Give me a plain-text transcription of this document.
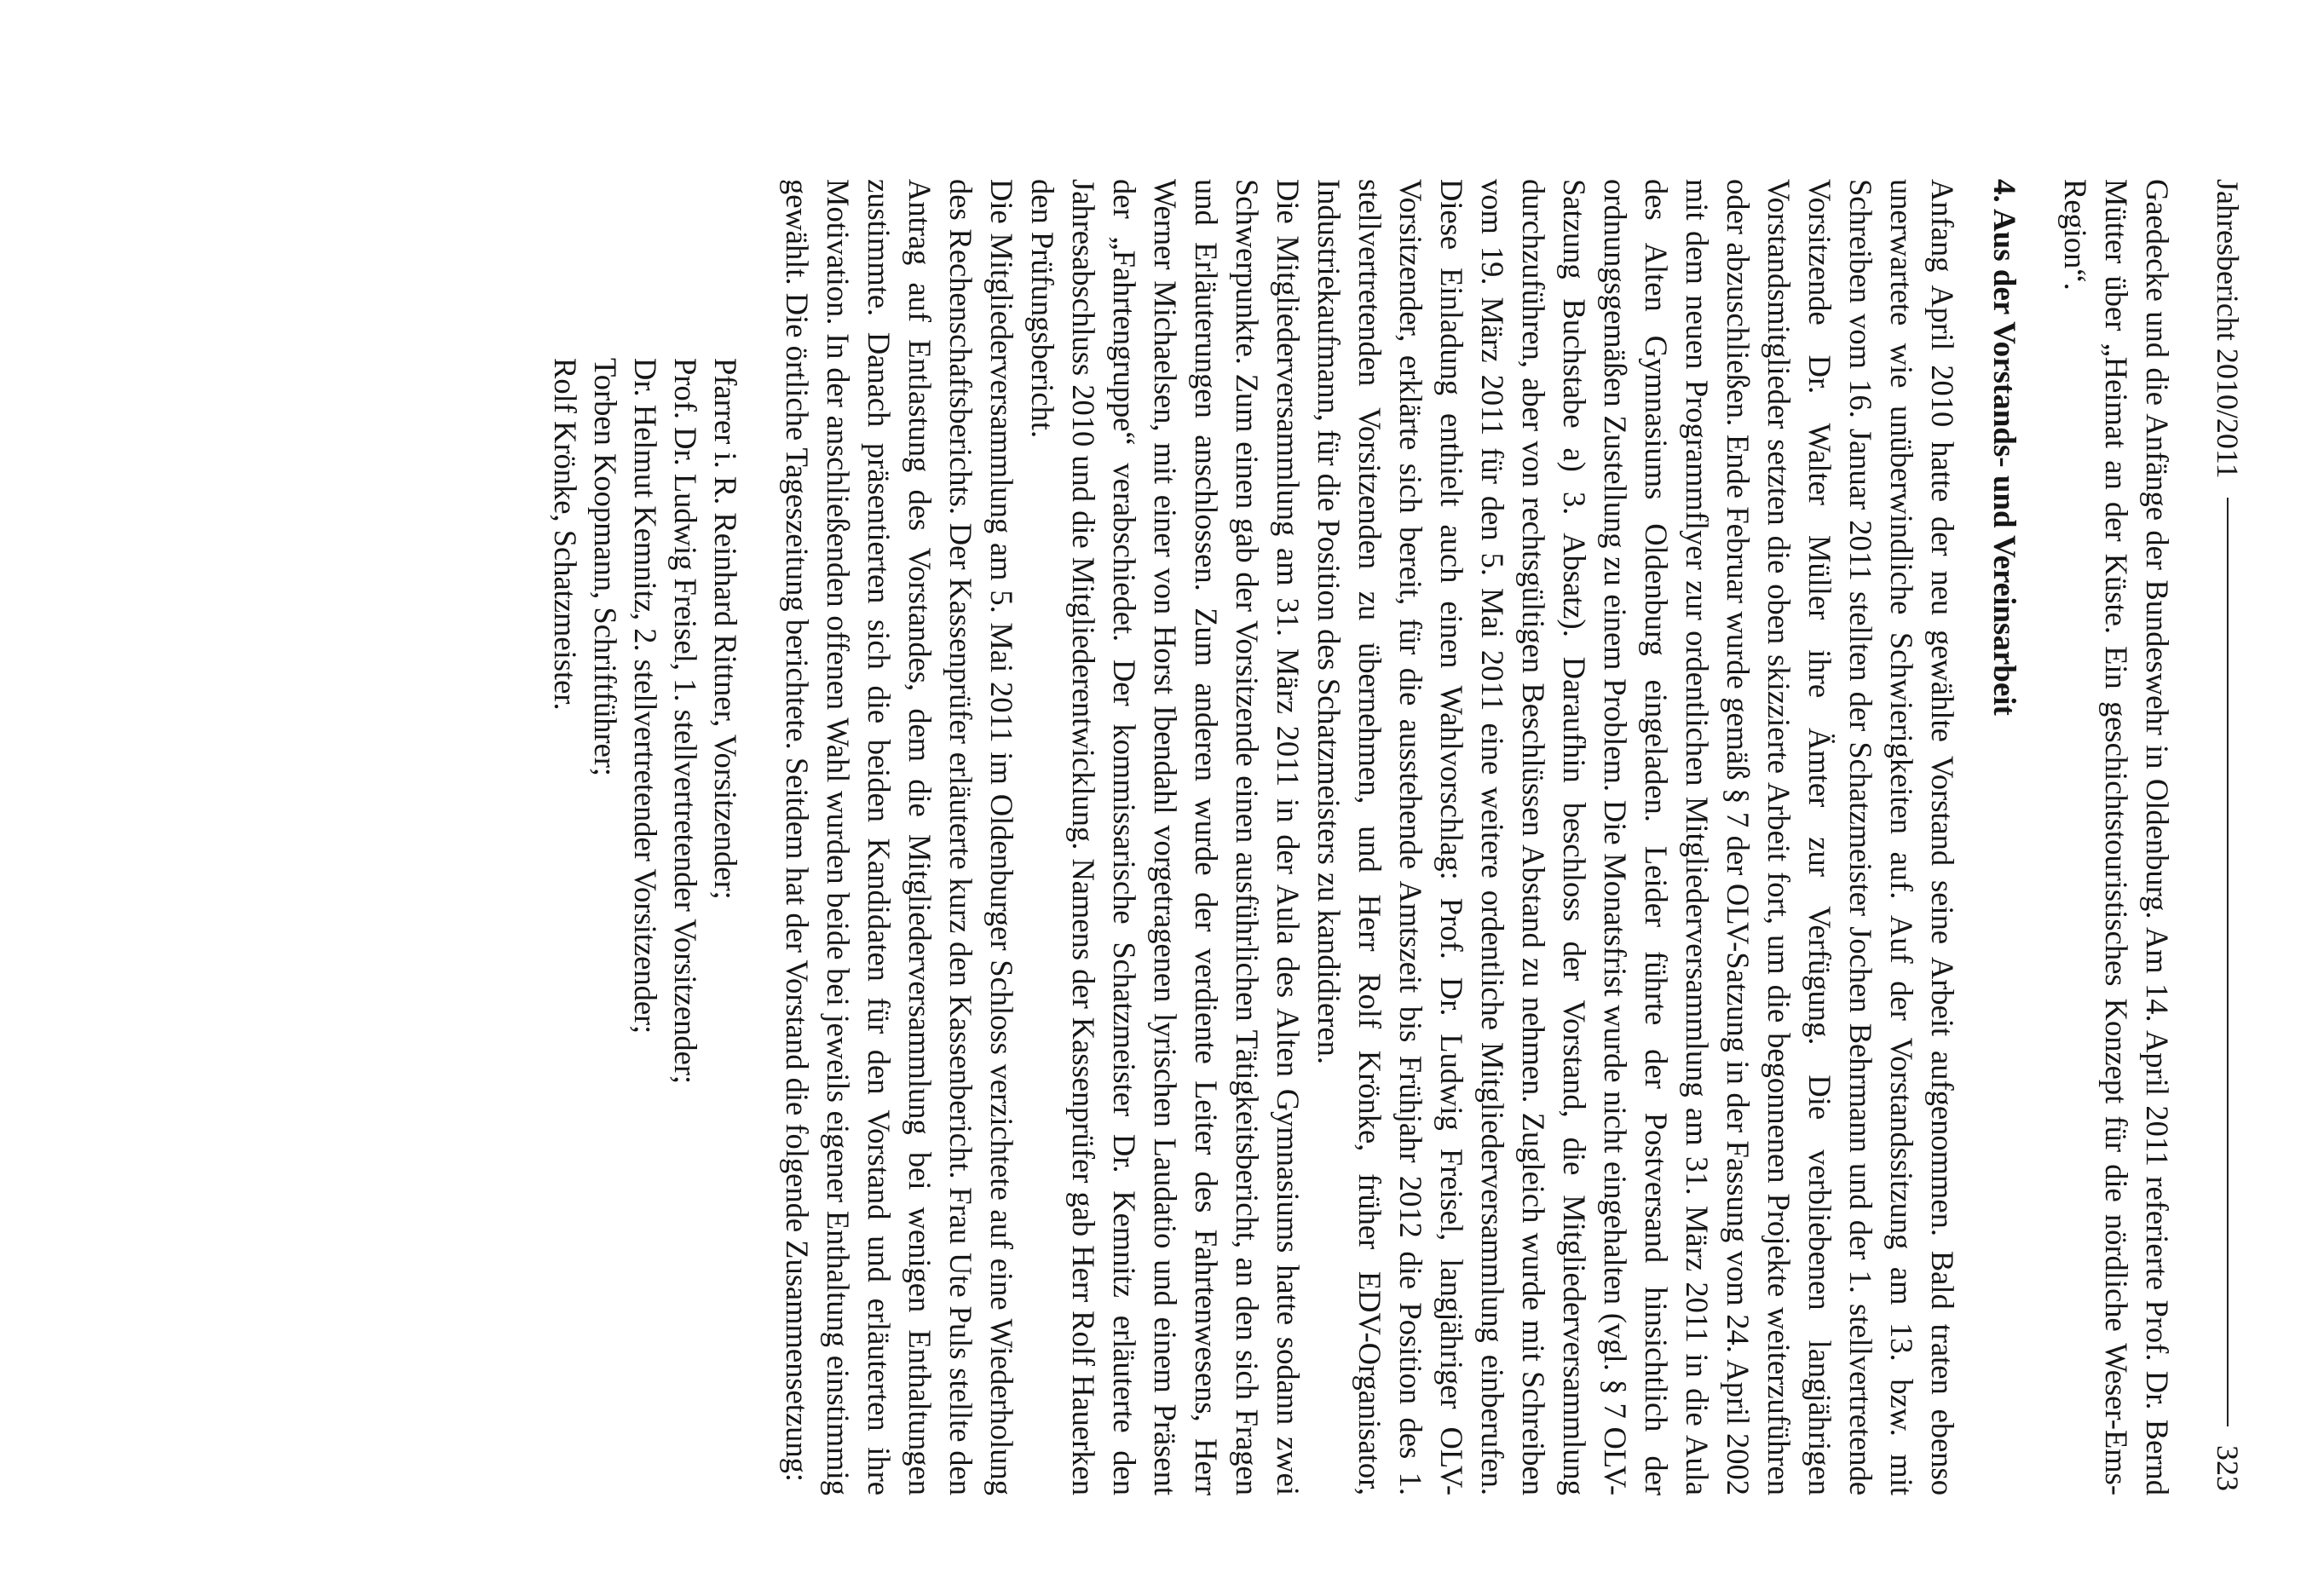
Jahresbericht 2010/2011
323

Gaedecke und die Anfänge der Bundeswehr in Oldenburg. Am 14. April 2011 referierte Prof. Dr. Bernd Mütter über „Heimat an der Küste. Ein geschichtstouristisches Konzept für die nördliche Weser-Ems-Region“.

4. Aus der Vorstands- und Vereinsarbeit

Anfang April 2010 hatte der neu gewählte Vorstand seine Arbeit aufgenommen. Bald traten ebenso unerwartete wie unüberwindliche Schwierigkeiten auf. Auf der Vorstandssitzung am 13. bzw. mit Schreiben vom 16. Januar 2011 stellten der Schatzmeister Jochen Behrmann und der 1. stellvertretende Vorsitzende Dr. Walter Müller ihre Ämter zur Verfügung. Die verbliebenen langjährigen Vorstandsmitglieder setzten die oben skizzierte Arbeit fort, um die begonnenen Projekte weiterzuführen oder abzuschließen. Ende Februar wurde gemäß § 7 der OLV-Satzung in der Fassung vom 24. April 2002 mit dem neuen Programmflyer zur ordentlichen Mitgliederversammlung am 31. März 2011 in die Aula des Alten Gymnasiums Oldenburg eingeladen. Leider führte der Postversand hinsichtlich der ordnungsgemäßen Zustellung zu einem Problem. Die Monatsfrist wurde nicht eingehalten (vgl. § 7 OLV-Satzung Buchstabe a) 3. Absatz). Daraufhin beschloss der Vorstand, die Mitgliederversammlung durchzuführen, aber von rechtsgültigen Beschlüssen Abstand zu nehmen. Zugleich wurde mit Schreiben vom 19. März 2011 für den 5. Mai 2011 eine weitere ordentliche Mitgliederversammlung einberufen. Diese Einladung enthielt auch einen Wahlvorschlag: Prof. Dr. Ludwig Freisel, langjähriger OLV-Vorsitzender, erklärte sich bereit, für die ausstehende Amtszeit bis Frühjahr 2012 die Position des 1. stellvertretenden Vorsitzenden zu übernehmen, und Herr Rolf Krönke, früher EDV-Organisator, Industriekaufmann, für die Position des Schatzmeisters zu kandidieren.

Die Mitgliederversammlung am 31. März 2011 in der Aula des Alten Gymnasiums hatte sodann zwei Schwerpunkte. Zum einen gab der Vorsitzende einen ausführlichen Tätigkeitsbericht, an den sich Fragen und Erläuterungen anschlossen. Zum anderen wurde der verdiente Leiter des Fahrtenwesens, Herr Werner Michaelsen, mit einer von Horst Ibendahl vorgetragenen lyrischen Laudatio und einem Präsent der „Fahrtengruppe“ verabschiedet. Der kommissarische Schatzmeister Dr. Kemnitz erläuterte den Jahresabschluss 2010 und die Mitgliederentwicklung. Namens der Kassenprüfer gab Herr Rolf Hauerken den Prüfungsbericht.

Die Mitgliederversammlung am 5. Mai 2011 im Oldenburger Schloss verzichtete auf eine Wiederholung des Rechenschaftsberichts. Der Kassenprüfer erläuterte kurz den Kassenbericht. Frau Ute Puls stellte den Antrag auf Entlastung des Vorstandes, dem die Mitgliederversammlung bei wenigen Enthaltungen zustimmte. Danach präsentierten sich die beiden Kandidaten für den Vorstand und erläuterten ihre Motivation. In der anschließenden offenen Wahl wurden beide bei jeweils eigener Enthaltung einstimmig gewählt. Die örtliche Tageszeitung berichtete. Seitdem hat der Vorstand die folgende Zusammensetzung:

Pfarrer i. R. Reinhard Rittner, Vorsitzender;
Prof. Dr. Ludwig Freisel, 1. stellvertretender Vorsitzender;
Dr. Helmut Kemnitz, 2. stellvertretender Vorsitzender;
Torben Koopmann, Schriftführer;
Rolf Krönke, Schatzmeister.
